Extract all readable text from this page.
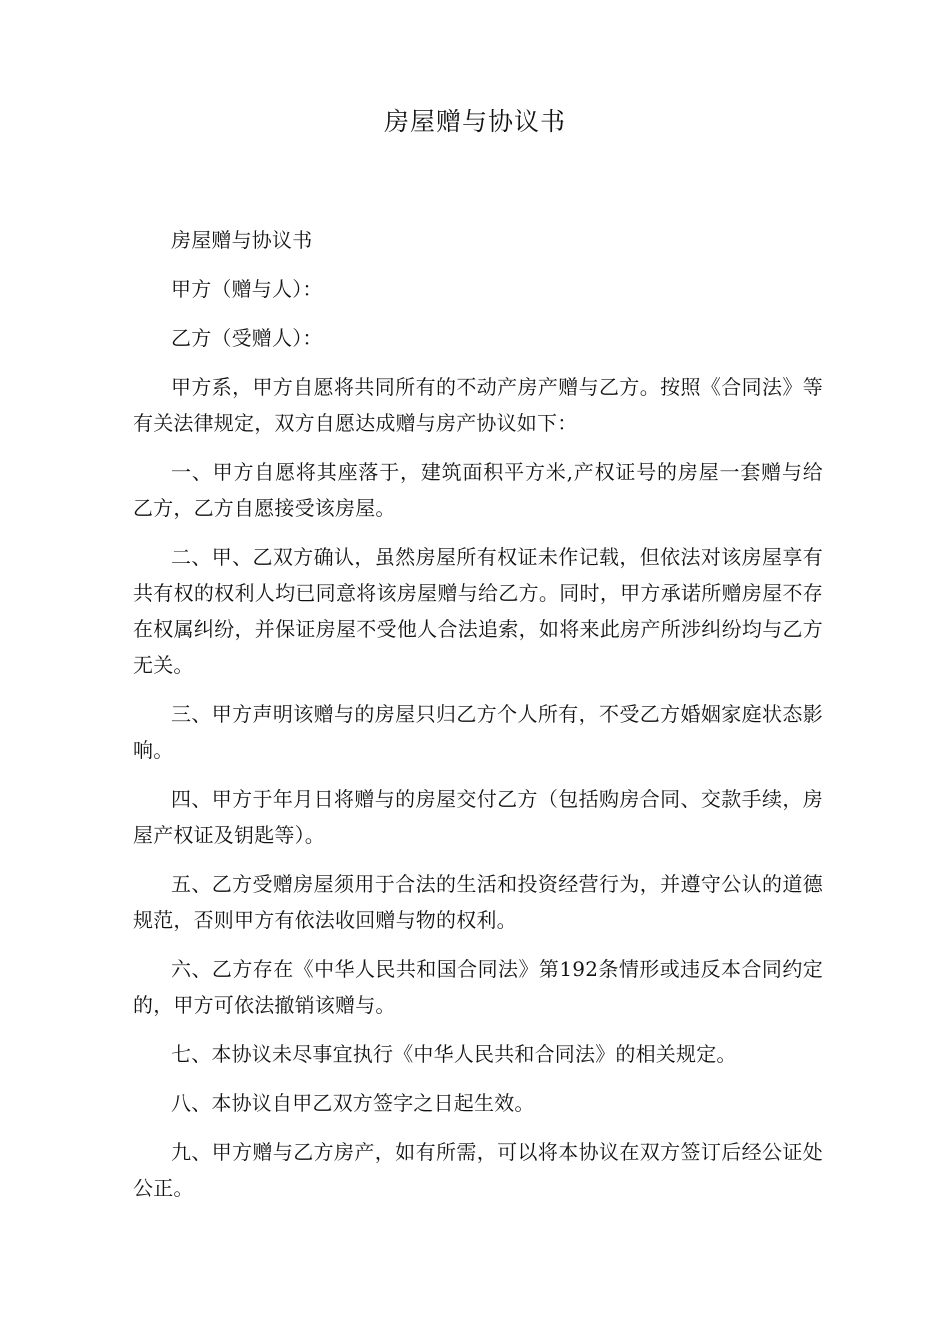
房屋赠与协议书

房屋赠与协议书

甲方（赠与人）：

乙方（受赠人）：

甲方系，甲方自愿将共同所有的不动产房产赠与乙方。按照《合同法》等有关法律规定，双方自愿达成赠与房产协议如下：

一、甲方自愿将其座落于，建筑面积平方米,产权证号的房屋一套赠与给乙方，乙方自愿接受该房屋。

二、甲、乙双方确认，虽然房屋所有权证未作记载，但依法对该房屋享有共有权的权利人均已同意将该房屋赠与给乙方。同时，甲方承诺所赠房屋不存在权属纠纷，并保证房屋不受他人合法追索，如将来此房产所涉纠纷均与乙方无关。

三、甲方声明该赠与的房屋只归乙方个人所有，不受乙方婚姻家庭状态影响。

四、甲方于年月日将赠与的房屋交付乙方（包括购房合同、交款手续，房屋产权证及钥匙等）。

五、乙方受赠房屋须用于合法的生活和投资经营行为，并遵守公认的道德规范，否则甲方有依法收回赠与物的权利。

六、乙方存在《中华人民共和国合同法》第192条情形或违反本合同约定的，甲方可依法撤销该赠与。

七、本协议未尽事宜执行《中华人民共和合同法》的相关规定。

八、本协议自甲乙双方签字之日起生效。

九、甲方赠与乙方房产，如有所需，可以将本协议在双方签订后经公证处公正。
